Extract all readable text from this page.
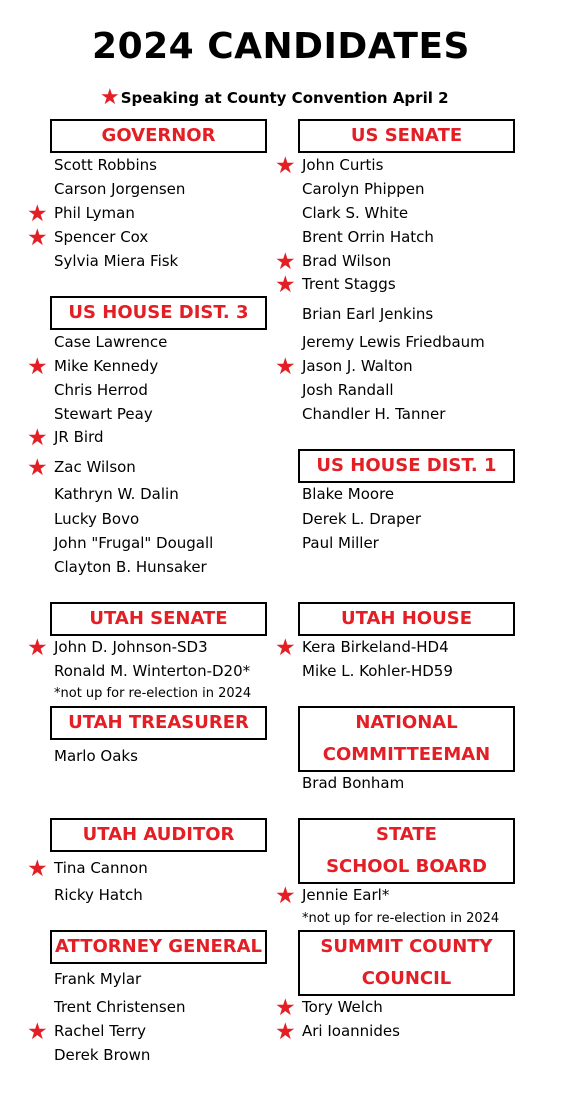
2024 CANDIDATES
★Speaking at County Convention April 2
GOVERNOR
Scott Robbins
Carson Jorgensen
★ Phil Lyman
★ Spencer Cox
Sylvia Miera Fisk
US HOUSE DIST. 3
Case Lawrence
★ Mike Kennedy
Chris Herrod
Stewart Peay
★ JR Bird
★ Zac Wilson
Kathryn W. Dalin
Lucky Bovo
John "Frugal" Dougall
Clayton B. Hunsaker
UTAH SENATE
★ John D. Johnson-SD3
Ronald M. Winterton-D20*
*not up for re-election in 2024
UTAH TREASURER
Marlo Oaks
UTAH AUDITOR
★ Tina Cannon
Ricky Hatch
ATTORNEY GENERAL
Frank Mylar
Trent Christensen
★ Rachel Terry
Derek Brown
US SENATE
★ John Curtis
Carolyn Phippen
Clark S. White
Brent Orrin Hatch
★ Brad Wilson
★ Trent Staggs
Brian Earl Jenkins
Jeremy Lewis Friedbaum
★ Jason J. Walton
Josh Randall
Chandler H. Tanner
US HOUSE DIST. 1
Blake Moore
Derek L. Draper
Paul Miller
UTAH HOUSE
★ Kera Birkeland-HD4
Mike L. Kohler-HD59
NATIONAL
COMMITTEEMAN
Brad Bonham
STATE
SCHOOL BOARD
★ Jennie Earl*
*not up for re-election in 2024
SUMMIT COUNTY
COUNCIL
★ Tory Welch
★ Ari Ioannides
